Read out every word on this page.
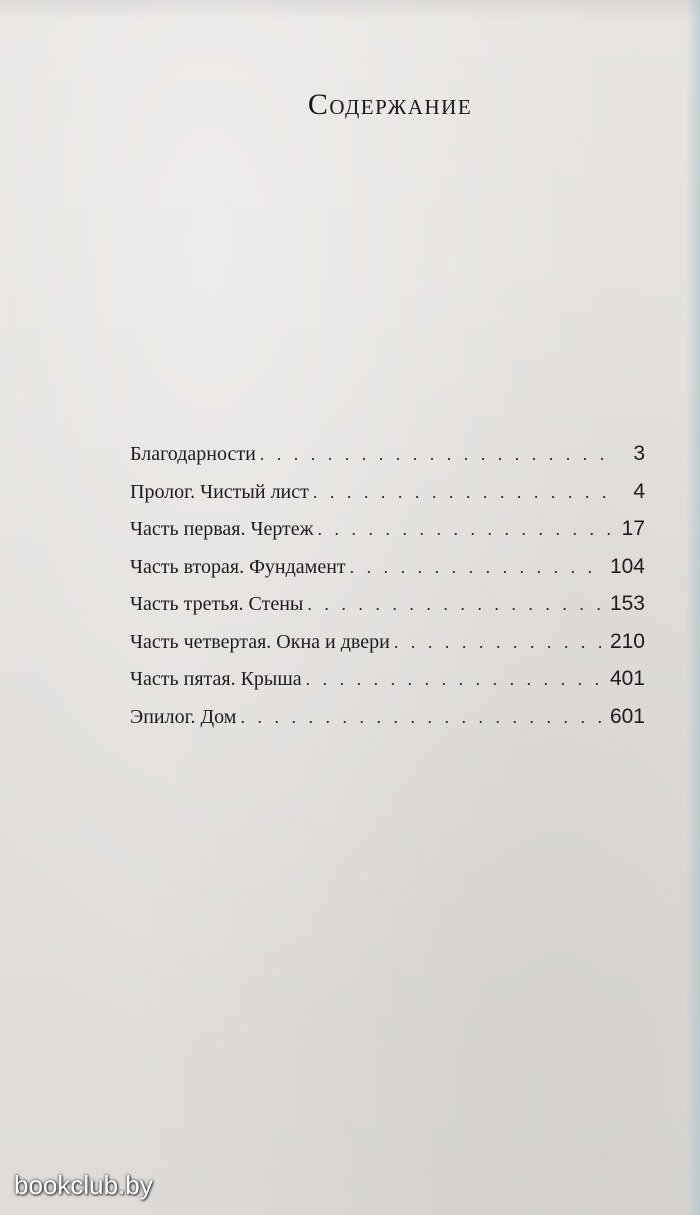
Содержание
Благодарности . . .	3
Пролог. Чистый лист . . .	4
Часть первая. Чертеж . . .	17
Часть вторая. Фундамент . . .	104
Часть третья. Стены . . .	153
Часть четвертая. Окна и двери . . .	210
Часть пятая. Крыша . . .	401
Эпилог. Дом . . .	601
bookclub.by
